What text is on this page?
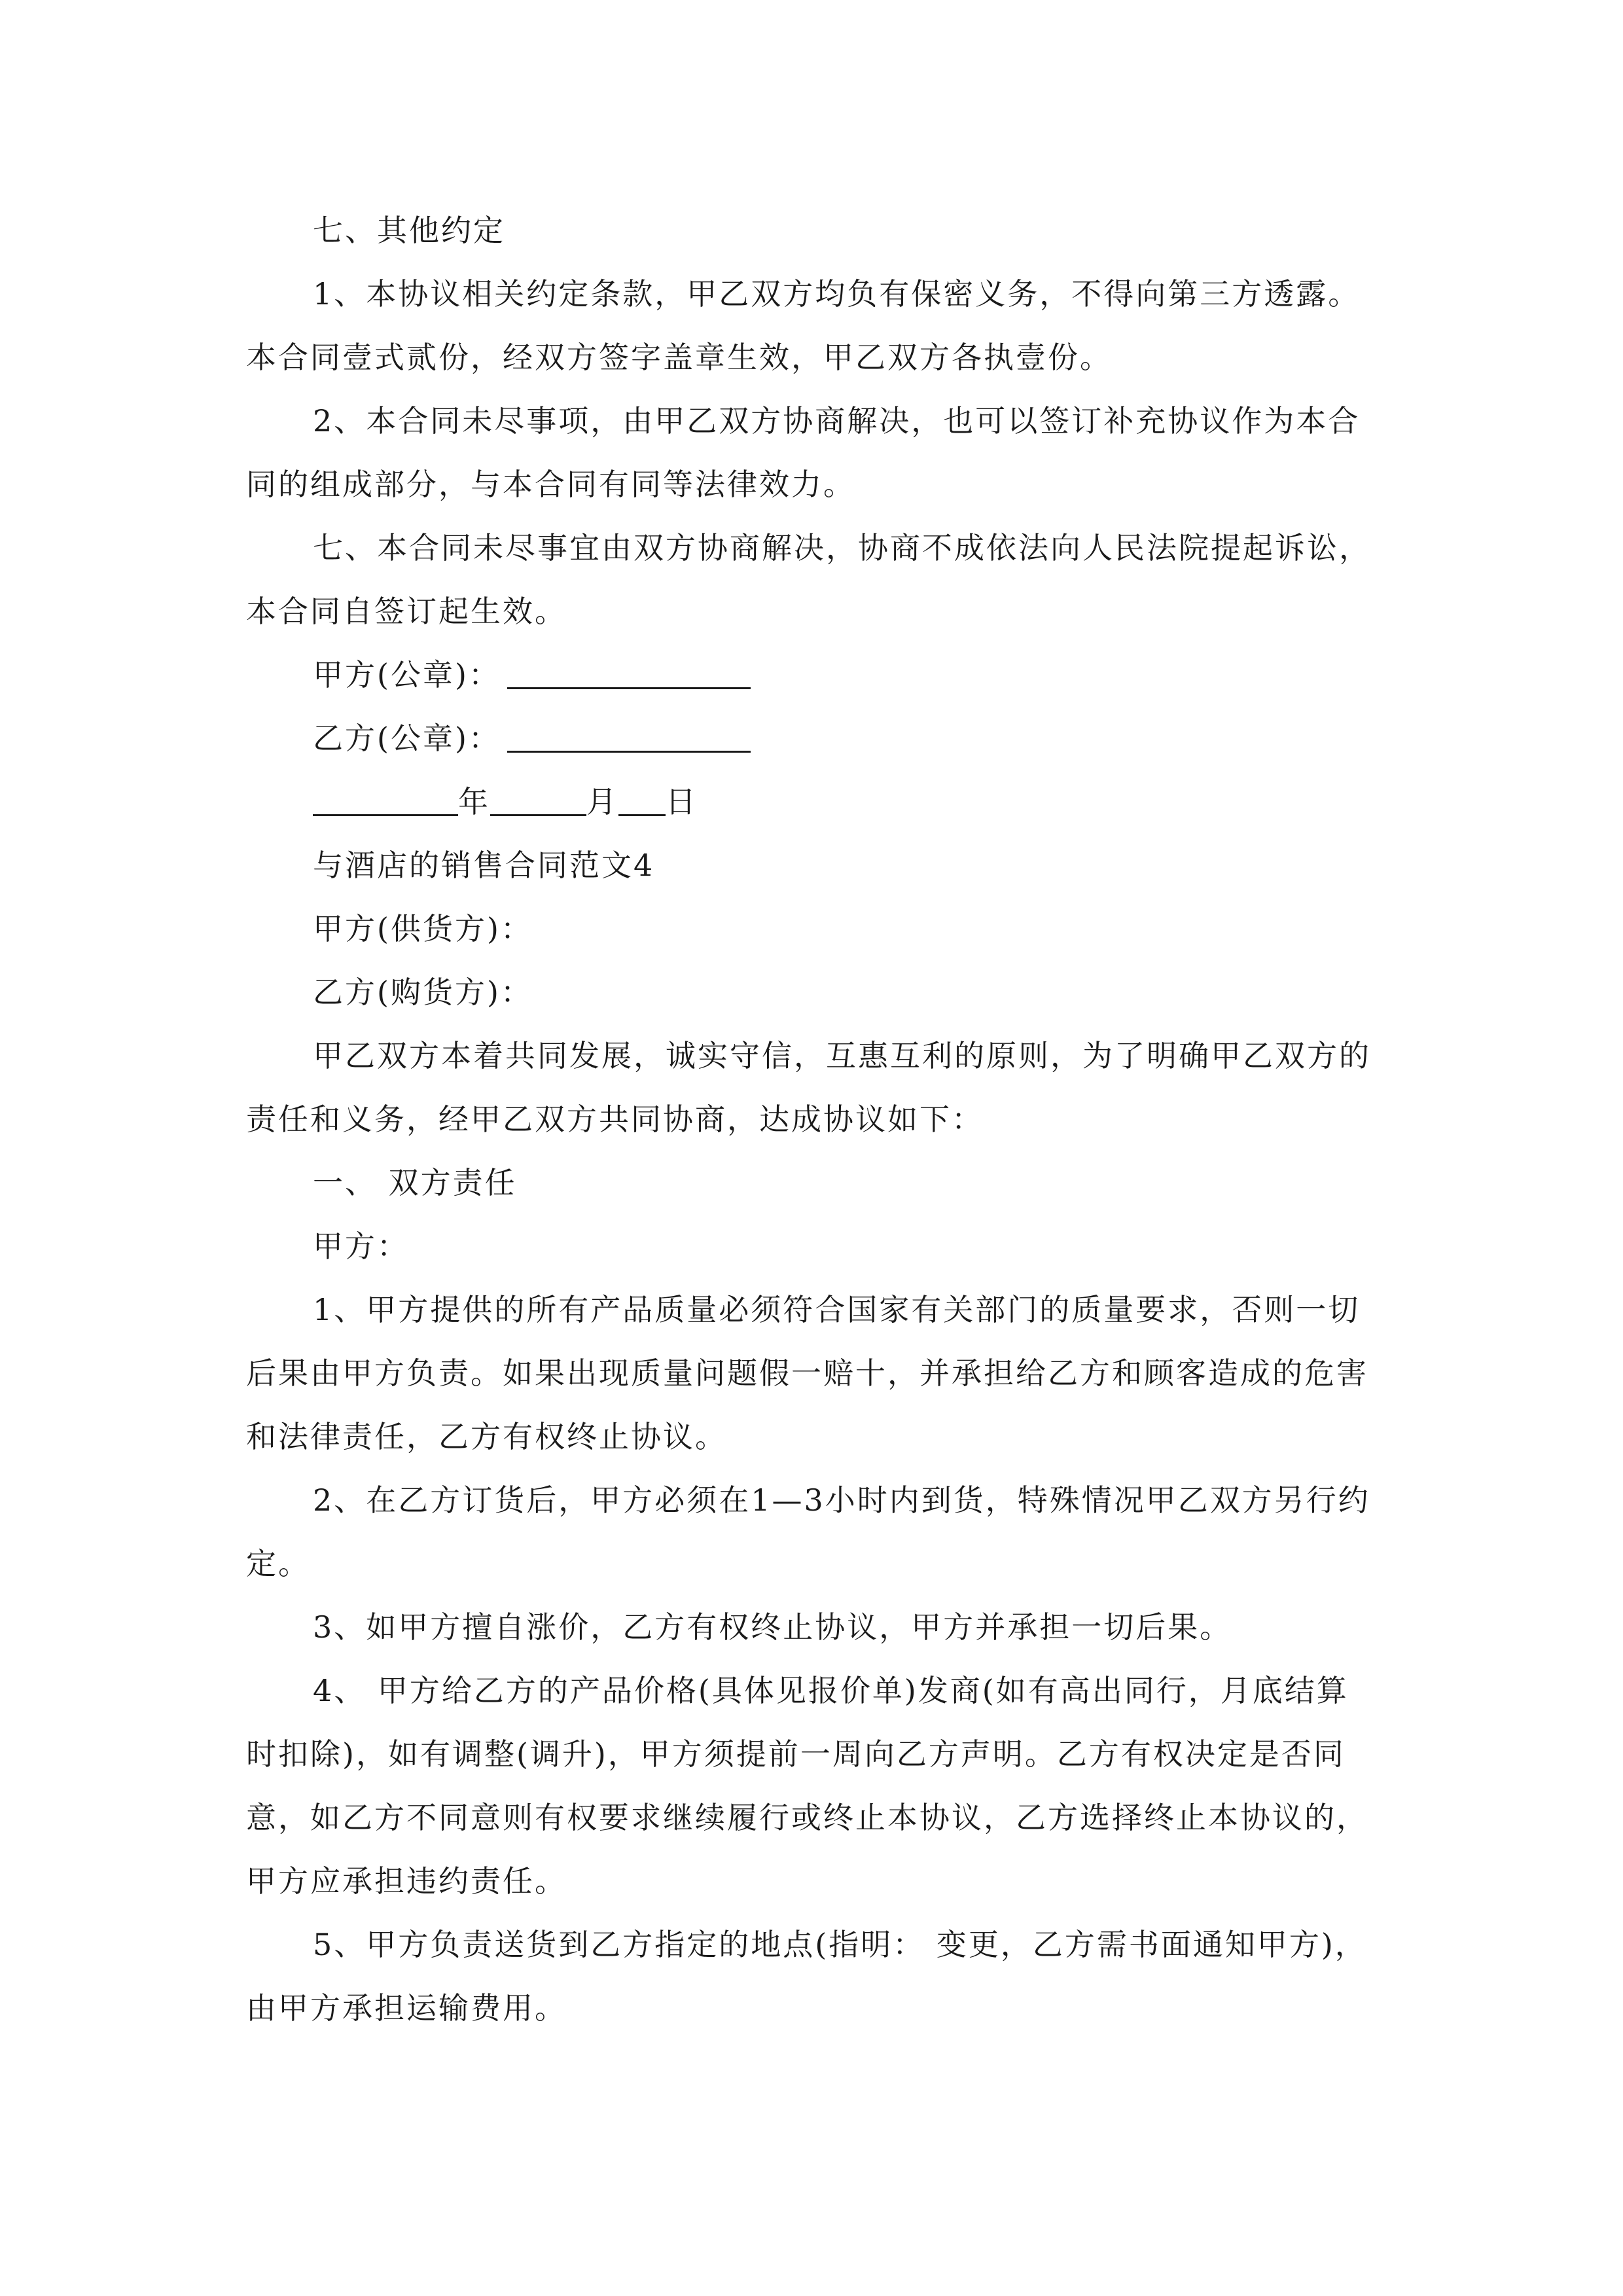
七、其他约定

1、本协议相关约定条款，甲乙双方均负有保密义务，不得向第三方透露。

本合同壹式贰份，经双方签字盖章生效，甲乙双方各执壹份。

2、本合同未尽事项，由甲乙双方协商解决，也可以签订补充协议作为本合

同的组成部分，与本合同有同等法律效力。

七、本合同未尽事宜由双方协商解决，协商不成依法向人民法院提起诉讼，

本合同自签订起生效。

甲方(公章)：

乙方(公章)：

年	月 日

与酒店的销售合同范文4

甲方(供货方)：

乙方(购货方)：

甲乙双方本着共同发展，诚实守信，互惠互利的原则，为了明确甲乙双方的

责任和义务，经甲乙双方共同协商，达成协议如下：

一、 双方责任

甲方：

1、甲方提供的所有产品质量必须符合国家有关部门的质量要求，否则一切

后果由甲方负责。如果出现质量问题假一赔十，并承担给乙方和顾客造成的危害

和法律责任，乙方有权终止协议。

2、在乙方订货后，甲方必须在1—3小时内到货，特殊情况甲乙双方另行约

定。

3、如甲方擅自涨价，乙方有权终止协议，甲方并承担一切后果。

4、 甲方给乙方的产品价格(具体见报价单)发商(如有高出同行，月底结算

时扣除)，如有调整(调升)，甲方须提前一周向乙方声明。乙方有权决定是否同

意，如乙方不同意则有权要求继续履行或终止本协议，乙方选择终止本协议的，

甲方应承担违约责任。

5、甲方负责送货到乙方指定的地点(指明： 变更，乙方需书面通知甲方)，

由甲方承担运输费用。
